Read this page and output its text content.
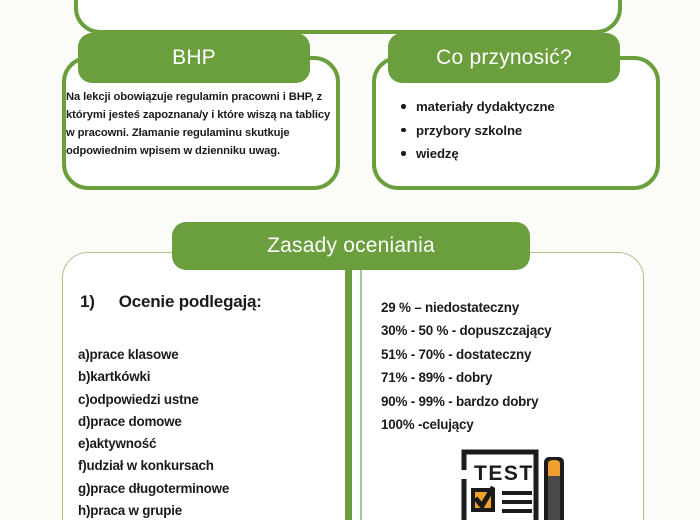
BHP
Na lekcji obowiązuje regulamin pracowni i BHP, z którymi jesteś zapoznana/y i które wiszą na tablicy w pracowni. Złamanie regulaminu skutkuje odpowiednim wpisem w dzienniku uwag.
Co przynosić?
materiały dydaktyczne
przybory szkolne
wiedzę
Zasady oceniania
1) Ocenie podlegają:
a)prace klasowe
b)kartkówki
c)odpowiedzi ustne
d)prace domowe
e)aktywność
f)udział w konkursach
g)prace długoterminowe
h)praca w grupie
29 % – niedostateczny
30% - 50 % - dopuszczający
51% - 70% - dostateczny
71% - 89% - dobry
90% - 99% - bardzo dobry
100% -celujący
TEST
